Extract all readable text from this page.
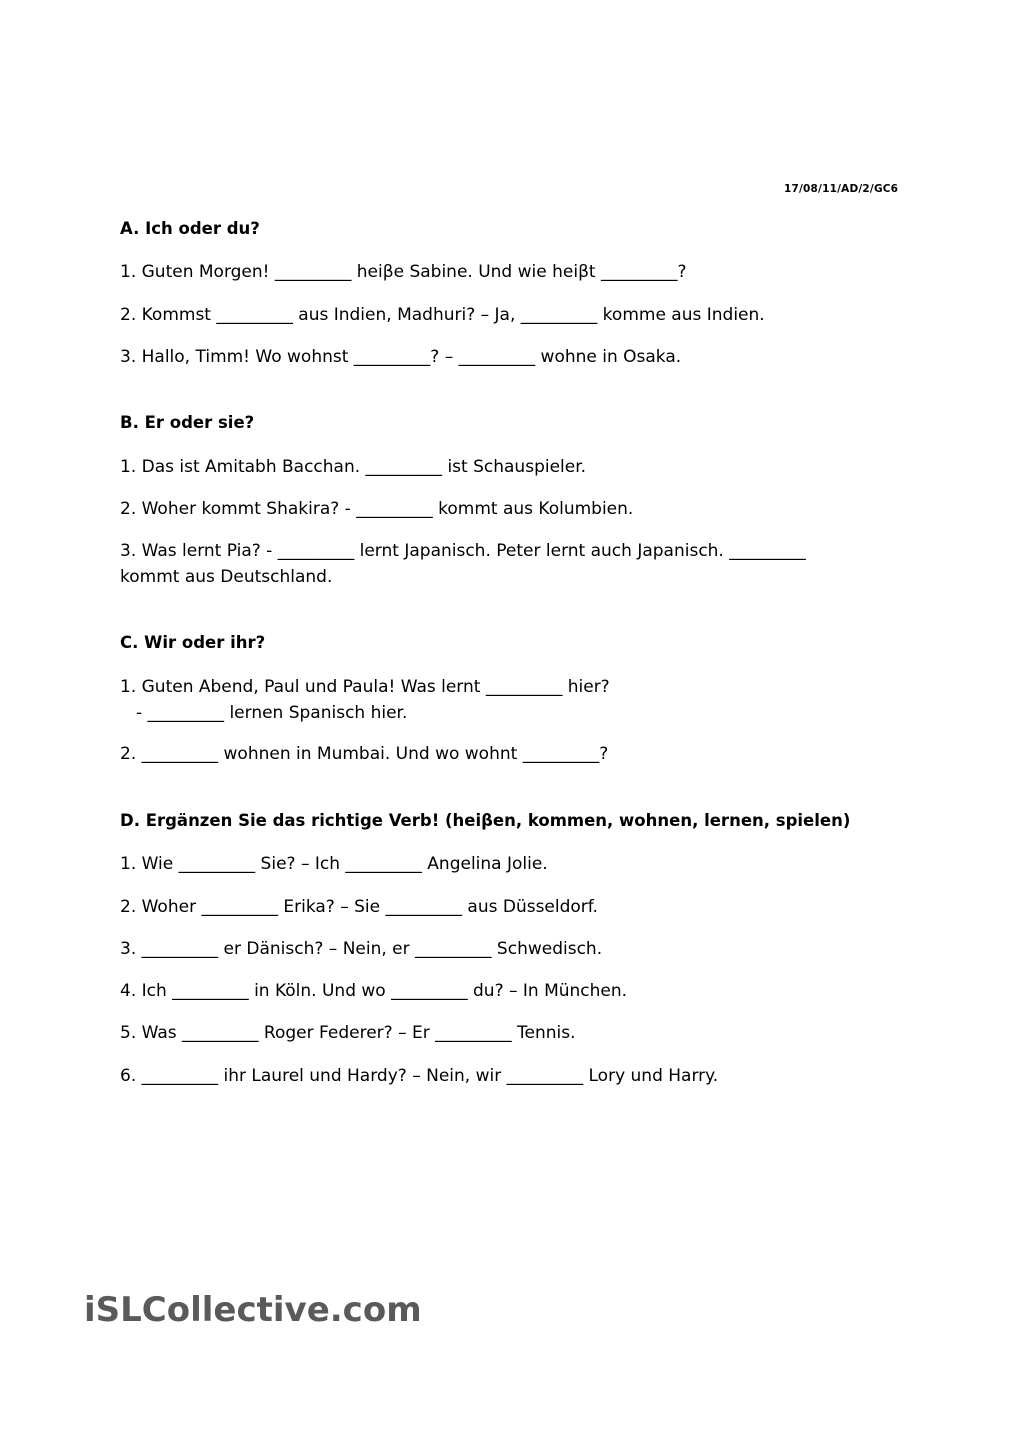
17/08/11/AD/2/GC6
A. Ich oder du?
1. Guten Morgen! _________ heiβe Sabine. Und wie heiβt _________?
2. Kommst _________ aus Indien, Madhuri? – Ja, _________ komme aus Indien.
3. Hallo, Timm! Wo wohnst _________? – _________ wohne in Osaka.
B. Er oder sie?
1. Das ist Amitabh Bacchan. _________ ist Schauspieler.
2. Woher kommt Shakira? - _________ kommt aus Kolumbien.
3. Was lernt Pia? - _________ lernt Japanisch. Peter lernt auch Japanisch. _________
kommt aus Deutschland.
C. Wir oder ihr?
1. Guten Abend, Paul und Paula! Was lernt _________ hier?
- _________ lernen Spanisch hier.
2. _________ wohnen in Mumbai. Und wo wohnt _________?
D. Ergänzen Sie das richtige Verb! (heiβen, kommen, wohnen, lernen, spielen)
1. Wie _________ Sie? – Ich _________ Angelina Jolie.
2. Woher _________ Erika? – Sie _________ aus Düsseldorf.
3. _________ er Dänisch? – Nein, er _________ Schwedisch.
4. Ich _________ in Köln. Und wo _________ du? – In München.
5. Was _________ Roger Federer? – Er _________ Tennis.
6. _________ ihr Laurel und Hardy? – Nein, wir _________ Lory und Harry.
iSLCollective.com
